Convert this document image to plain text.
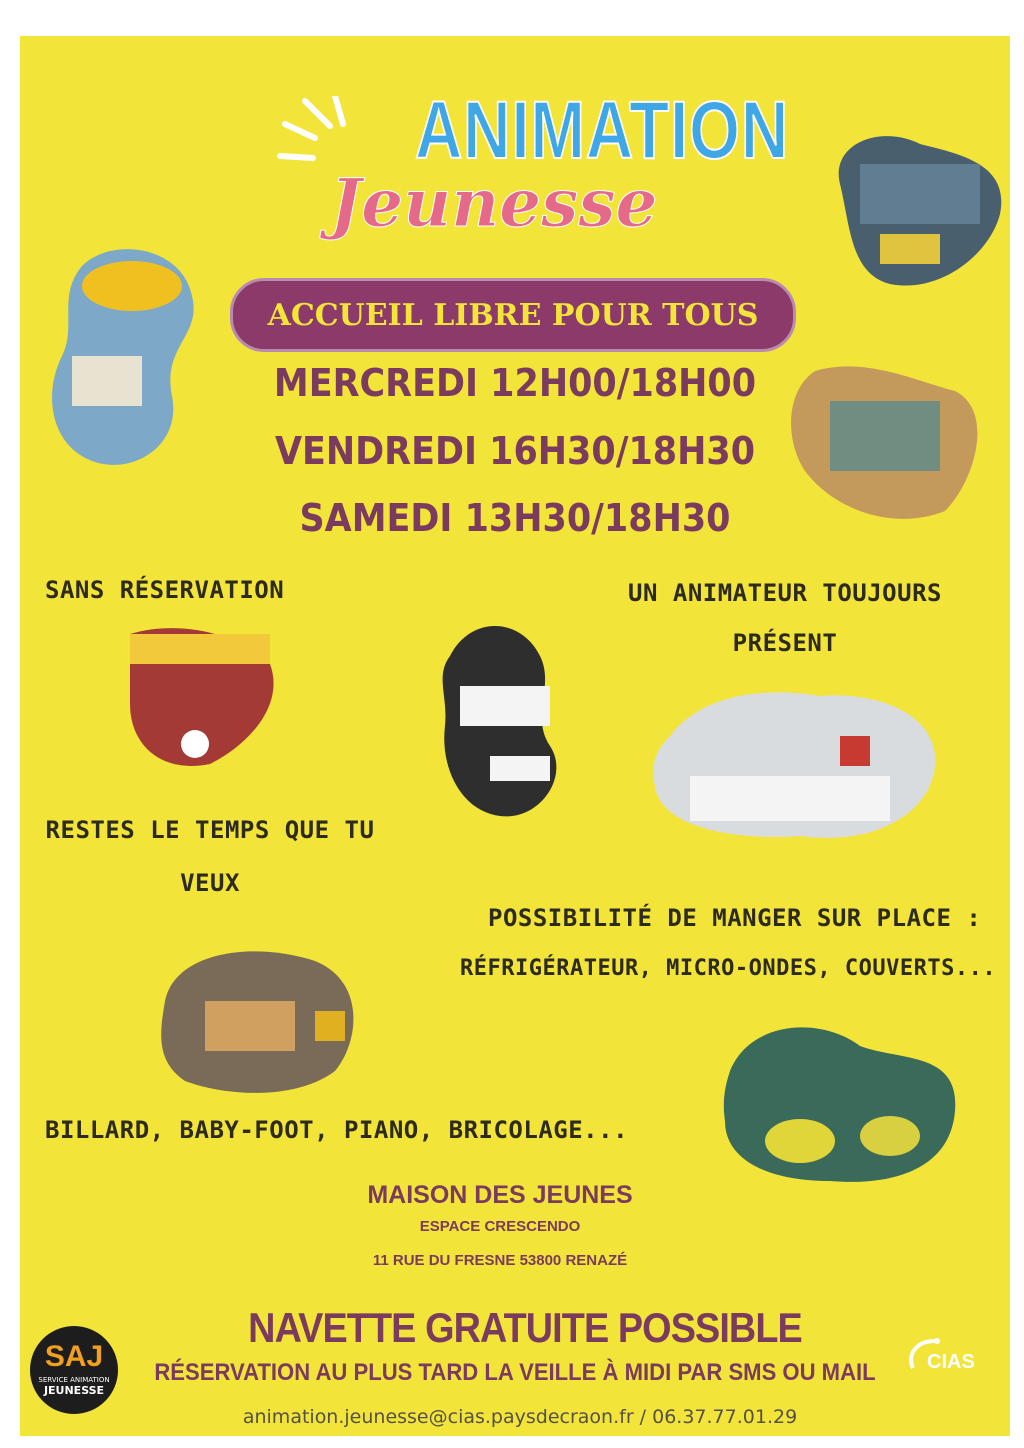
ANIMATION
Jeunesse
ACCUEIL LIBRE POUR TOUS
MERCREDI 12H00/18H00
VENDREDI 16H30/18H30
SAMEDI 13H30/18H30
SANS RÉSERVATION	UN ANIMATEUR TOUJOURS
PRÉSENT
RESTES LE TEMPS QUE TU
VEUX
POSSIBILITÉ DE MANGER SUR PLACE :
RÉFRIGÉRATEUR, MICRO-ONDES, COUVERTS...
BILLARD, BABY-FOOT, PIANO, BRICOLAGE...
MAISON DES JEUNES
ESPACE CRESCENDO
11 RUE DU FRESNE 53800 RENAZÉ
NAVETTE GRATUITE POSSIBLE
RÉSERVATION AU PLUS TARD LA VEILLE À MIDI PAR SMS OU MAIL
animation.jeunesse@cias.paysdecraon.fr / 06.37.77.01.29
SAJ
SERVICE ANIMATION
JEUNESSE
CIAS
